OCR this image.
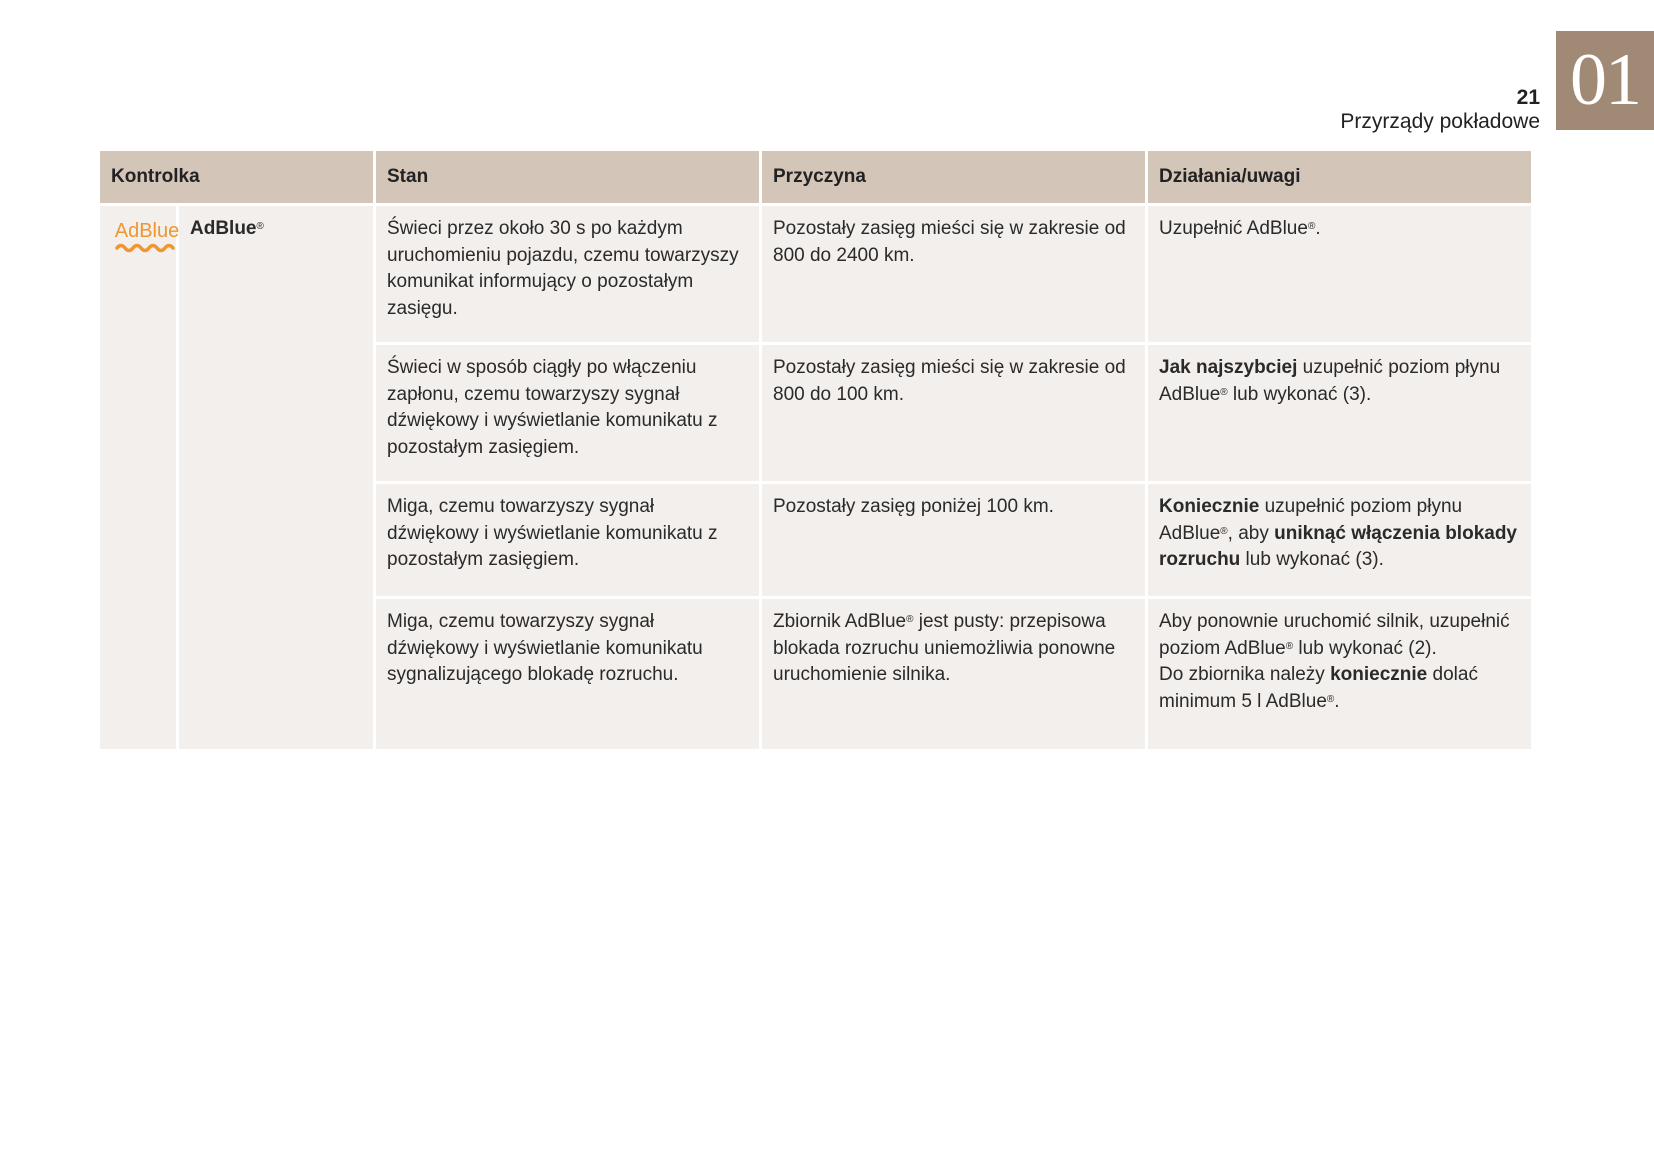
01
21
Przyrządy pokładowe
Kontrolka		Stan	Przyczyna	Działania/uwagi

AdBlue	AdBlue®	Świeci przez około 30 s po każdym uruchomieniu pojazdu, czemu towarzyszy komunikat informujący o pozostałym zasięgu.	Pozostały zasięg mieści się w zakresie od 800 do 2400 km.	Uzupełnić AdBlue®.
		Świeci w sposób ciągły po włączeniu zapłonu, czemu towarzyszy sygnał dźwiękowy i wyświetlanie komunikatu z pozostałym zasięgiem.	Pozostały zasięg mieści się w zakresie od 800 do 100 km.	Jak najszybciej uzupełnić poziom płynu AdBlue® lub wykonać (3).
		Miga, czemu towarzyszy sygnał dźwiękowy i wyświetlanie komunikatu z pozostałym zasięgiem.	Pozostały zasięg poniżej 100 km.	Koniecznie uzupełnić poziom płynu AdBlue®, aby uniknąć włączenia blokady rozruchu lub wykonać (3).
		Miga, czemu towarzyszy sygnał dźwiękowy i wyświetlanie komunikatu sygnalizującego blokadę rozruchu.	Zbiornik AdBlue® jest pusty: przepisowa blokada rozruchu uniemożliwia ponowne uruchomienie silnika.	Aby ponownie uruchomić silnik, uzupełnić poziom AdBlue® lub wykonać (2).
Do zbiornika należy koniecznie dolać minimum 5 l AdBlue®.
